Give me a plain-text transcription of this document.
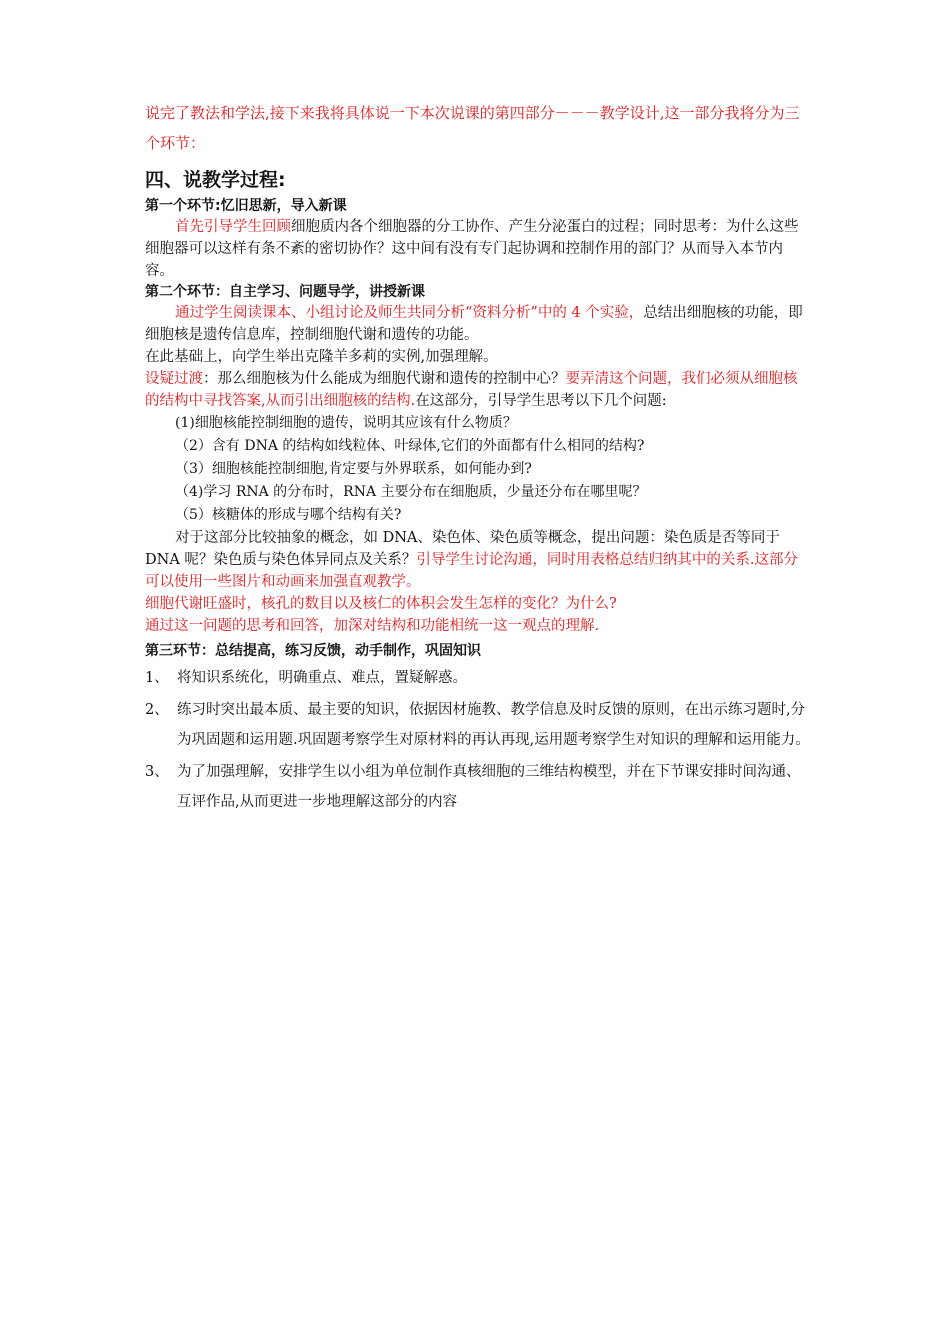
说完了教法和学法,接下来我将具体说一下本次说课的第四部分－－－教学设计,这一部分我将分为三个环节：

四、说教学过程:
第一个环节:忆旧思新，导入新课

首先引导学生回顾细胞质内各个细胞器的分工协作、产生分泌蛋白的过程；同时思考：为什么这些细胞器可以这样有条不紊的密切协作？这中间有没有专门起协调和控制作用的部门？从而导入本节内容。

第二个环节：自主学习、问题导学，讲授新课

通过学生阅读课本、小组讨论及师生共同分析“资料分析”中的 4 个实验，总结出细胞核的功能，即细胞核是遗传信息库，控制细胞代谢和遗传的功能。

在此基础上，向学生举出克隆羊多莉的实例,加强理解。

设疑过渡：那么细胞核为什么能成为细胞代谢和遗传的控制中心？要弄清这个问题，我们必须从细胞核的结构中寻找答案,从而引出细胞核的结构.在这部分，引导学生思考以下几个问题:

(1)细胞核能控制细胞的遗传，说明其应该有什么物质？

（2）含有 DNA 的结构如线粒体、叶绿体,它们的外面都有什么相同的结构?

（3）细胞核能控制细胞,肯定要与外界联系，如何能办到?

（4)学习 RNA 的分布时，RNA 主要分布在细胞质，少量还分布在哪里呢？

（5）核糖体的形成与哪个结构有关?

对于这部分比较抽象的概念，如 DNA、染色体、染色质等概念，提出问题：染色质是否等同于 DNA 呢？染色质与染色体异同点及关系？引导学生讨论沟通，同时用表格总结归纳其中的关系.这部分可以使用一些图片和动画来加强直观教学。

细胞代谢旺盛时，核孔的数目以及核仁的体积会发生怎样的变化？为什么?

通过这一问题的思考和回答，加深对结构和功能相统一这一观点的理解.

第三环节：总结提高，练习反馈，动手制作，巩固知识
1、 将知识系统化，明确重点、难点，置疑解惑。
2、 练习时突出最本质、最主要的知识，依据因材施教、教学信息及时反馈的原则，在出示练习题时,分为巩固题和运用题.巩固题考察学生对原材料的再认再现,运用题考察学生对知识的理解和运用能力。
3、 为了加强理解，安排学生以小组为单位制作真核细胞的三维结构模型，并在下节课安排时间沟通、互评作品,从而更进一步地理解这部分的内容
